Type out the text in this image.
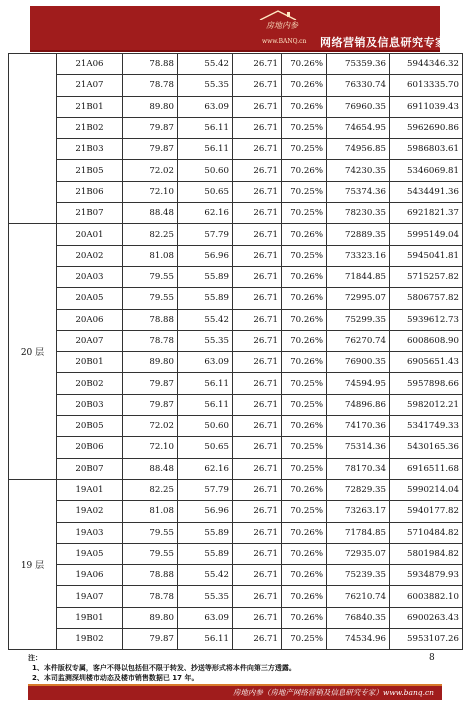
房地内参
www.BANQ.cn 网络营销及信息研究专家
	21A06	78.88	55.42	26.71	70.26%	75359.36	5944346.32
	21A07	78.78	55.35	26.71	70.26%	76330.74	6013335.70
	21B01	89.80	63.09	26.71	70.26%	76960.35	6911039.43
	21B02	79.87	56.11	26.71	70.25%	74654.95	5962690.86
	21B03	79.87	56.11	26.71	70.25%	74956.85	5986803.61
	21B05	72.02	50.60	26.71	70.26%	74230.35	5346069.81
	21B06	72.10	50.65	26.71	70.25%	75374.36	5434491.36
	21B07	88.48	62.16	26.71	70.25%	78230.35	6921821.37
20 层	20A01	82.25	57.79	26.71	70.26%	72889.35	5995149.04
	20A02	81.08	56.96	26.71	70.25%	73323.16	5945041.81
	20A03	79.55	55.89	26.71	70.26%	71844.85	5715257.82
	20A05	79.55	55.89	26.71	70.26%	72995.07	5806757.82
	20A06	78.88	55.42	26.71	70.26%	75299.35	5939612.73
	20A07	78.78	55.35	26.71	70.26%	76270.74	6008608.90
	20B01	89.80	63.09	26.71	70.26%	76900.35	6905651.43
	20B02	79.87	56.11	26.71	70.25%	74594.95	5957898.66
	20B03	79.87	56.11	26.71	70.25%	74896.86	5982012.21
	20B05	72.02	50.60	26.71	70.26%	74170.36	5341749.33
	20B06	72.10	50.65	26.71	70.25%	75314.36	5430165.36
	20B07	88.48	62.16	26.71	70.25%	78170.34	6916511.68
19 层	19A01	82.25	57.79	26.71	70.26%	72829.35	5990214.04
	19A02	81.08	56.96	26.71	70.25%	73263.17	5940177.82
	19A03	79.55	55.89	26.71	70.26%	71784.85	5710484.82
	19A05	79.55	55.89	26.71	70.26%	72935.07	5801984.82
	19A06	78.88	55.42	26.71	70.26%	75239.35	5934879.93
	19A07	78.78	55.35	26.71	70.26%	76210.74	6003882.10
	19B01	89.80	63.09	26.71	70.26%	76840.35	6900263.43
	19B02	79.87	56.11	26.71	70.25%	74534.96	5953107.26
注：
1、本件版权专属，客户不得以包括但不限于转发、抄送等形式将本件向第三方透露。
2、本司监测深圳楼市动态及楼市销售数据已 17 年。
8
房地内参（房地产网络营销及信息研究专家）www.banq.cn
